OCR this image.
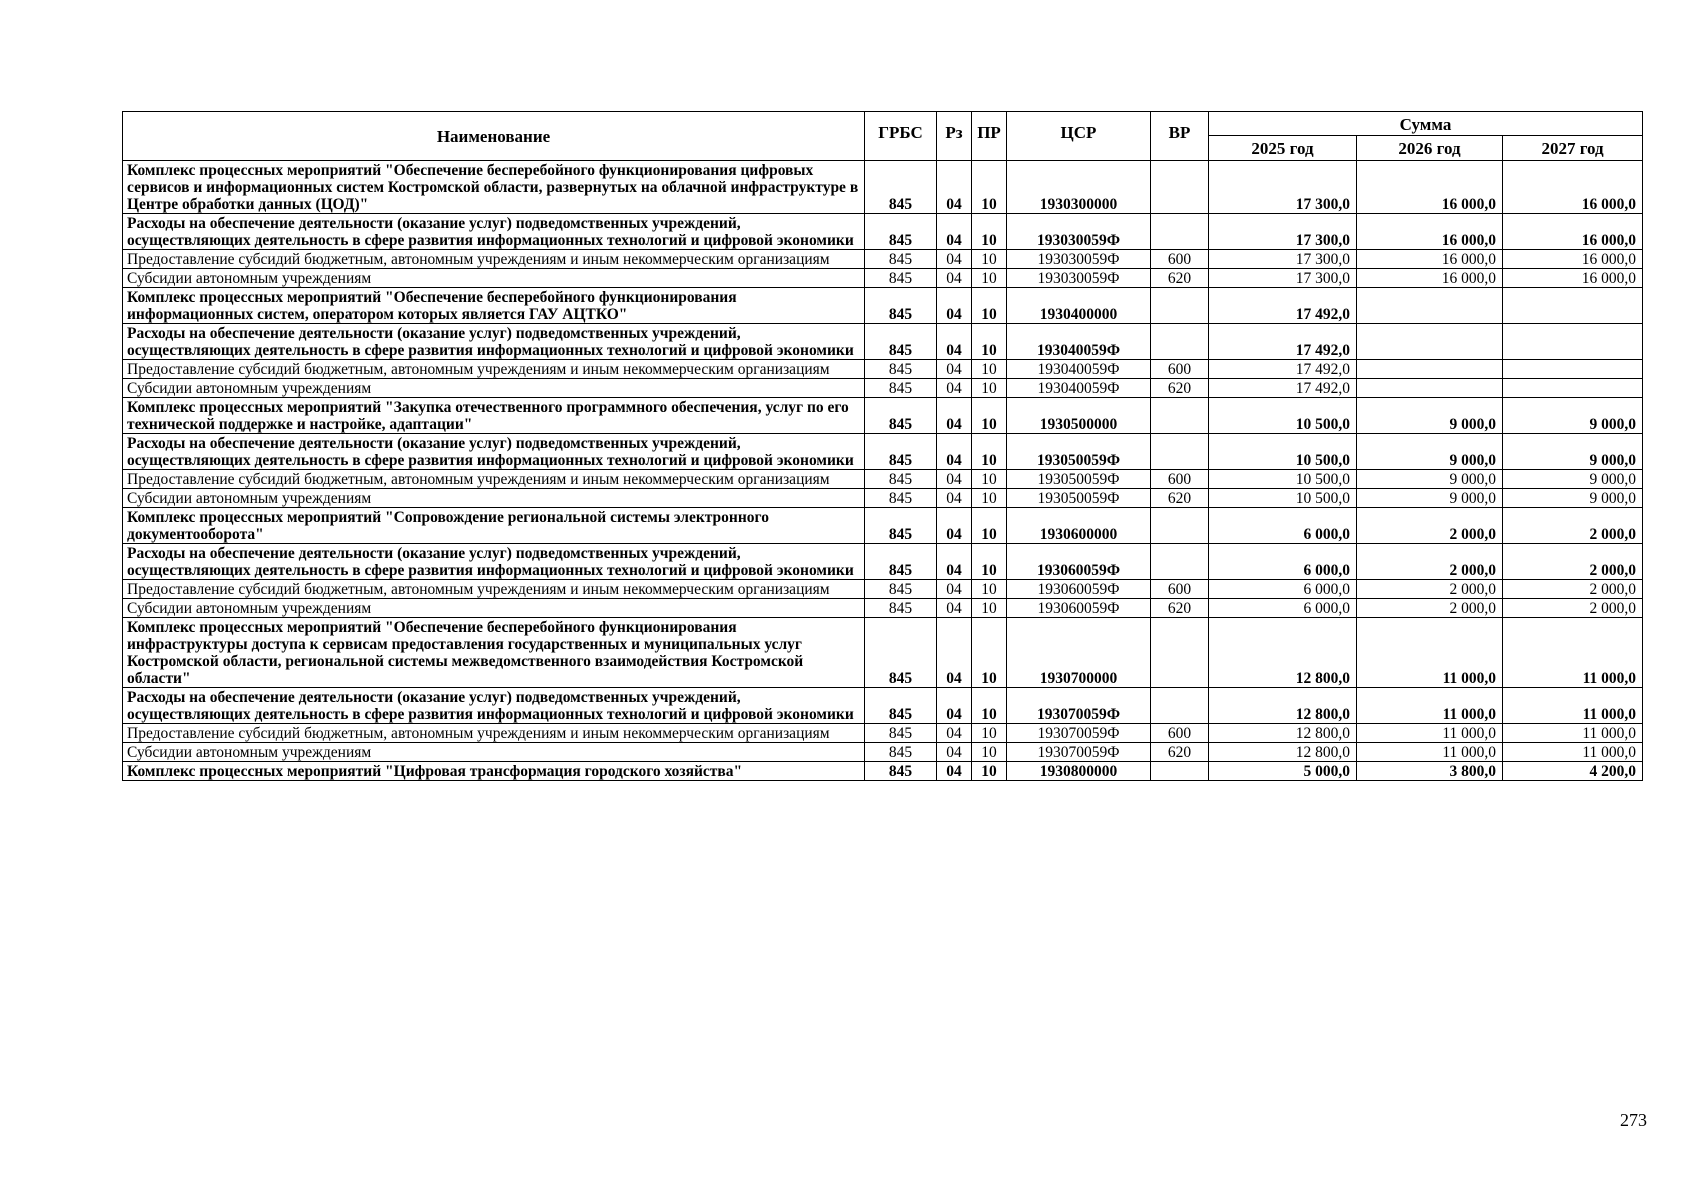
Наименование	ГРБС	Рз	ПР	ЦСР	ВР	Сумма		
						2025 год	2026 год	2027 год
Комплекс процессных мероприятий "Обеспечение бесперебойного функционирования цифровых сервисов и информационных систем Костромской области, развернутых на облачной инфраструктуре в Центре обработки данных (ЦОД)"	845	04	10	1930300000		17 300,0	16 000,0	16 000,0
Расходы на обеспечение деятельности (оказание услуг) подведомственных учреждений, осуществляющих деятельность в сфере развития информационных технологий и цифровой экономики	845	04	10	193030059Ф		17 300,0	16 000,0	16 000,0
Предоставление субсидий бюджетным, автономным учреждениям и иным некоммерческим организациям	845	04	10	193030059Ф	600	17 300,0	16 000,0	16 000,0
Субсидии автономным учреждениям	845	04	10	193030059Ф	620	17 300,0	16 000,0	16 000,0
Комплекс процессных мероприятий "Обеспечение бесперебойного функционирования информационных систем, оператором которых является ГАУ АЦТКО"	845	04	10	1930400000		17 492,0		
Расходы на обеспечение деятельности (оказание услуг) подведомственных учреждений, осуществляющих деятельность в сфере развития информационных технологий и цифровой экономики	845	04	10	193040059Ф		17 492,0		
Предоставление субсидий бюджетным, автономным учреждениям и иным некоммерческим организациям	845	04	10	193040059Ф	600	17 492,0		
Субсидии автономным учреждениям	845	04	10	193040059Ф	620	17 492,0		
Комплекс процессных мероприятий "Закупка отечественного программного обеспечения, услуг по его технической поддержке и настройке, адаптации"	845	04	10	1930500000		10 500,0	9 000,0	9 000,0
Расходы на обеспечение деятельности (оказание услуг) подведомственных учреждений, осуществляющих деятельность в сфере развития информационных технологий и цифровой экономики	845	04	10	193050059Ф		10 500,0	9 000,0	9 000,0
Предоставление субсидий бюджетным, автономным учреждениям и иным некоммерческим организациям	845	04	10	193050059Ф	600	10 500,0	9 000,0	9 000,0
Субсидии автономным учреждениям	845	04	10	193050059Ф	620	10 500,0	9 000,0	9 000,0
Комплекс процессных мероприятий "Сопровождение региональной системы электронного документооборота"	845	04	10	1930600000		6 000,0	2 000,0	2 000,0
Расходы на обеспечение деятельности (оказание услуг) подведомственных учреждений, осуществляющих деятельность в сфере развития информационных технологий и цифровой экономики	845	04	10	193060059Ф		6 000,0	2 000,0	2 000,0
Предоставление субсидий бюджетным, автономным учреждениям и иным некоммерческим организациям	845	04	10	193060059Ф	600	6 000,0	2 000,0	2 000,0
Субсидии автономным учреждениям	845	04	10	193060059Ф	620	6 000,0	2 000,0	2 000,0
Комплекс процессных мероприятий "Обеспечение бесперебойного функционирования инфраструктуры доступа к сервисам предоставления государственных и муниципальных услуг Костромской области, региональной системы межведомственного взаимодействия Костромской области"	845	04	10	1930700000		12 800,0	11 000,0	11 000,0
Расходы на обеспечение деятельности (оказание услуг) подведомственных учреждений, осуществляющих деятельность в сфере развития информационных технологий и цифровой экономики	845	04	10	193070059Ф		12 800,0	11 000,0	11 000,0
Предоставление субсидий бюджетным, автономным учреждениям и иным некоммерческим организациям	845	04	10	193070059Ф	600	12 800,0	11 000,0	11 000,0
Субсидии автономным учреждениям	845	04	10	193070059Ф	620	12 800,0	11 000,0	11 000,0
Комплекс процессных мероприятий "Цифровая трансформация городского хозяйства"	845	04	10	1930800000		5 000,0	3 800,0	4 200,0
273
